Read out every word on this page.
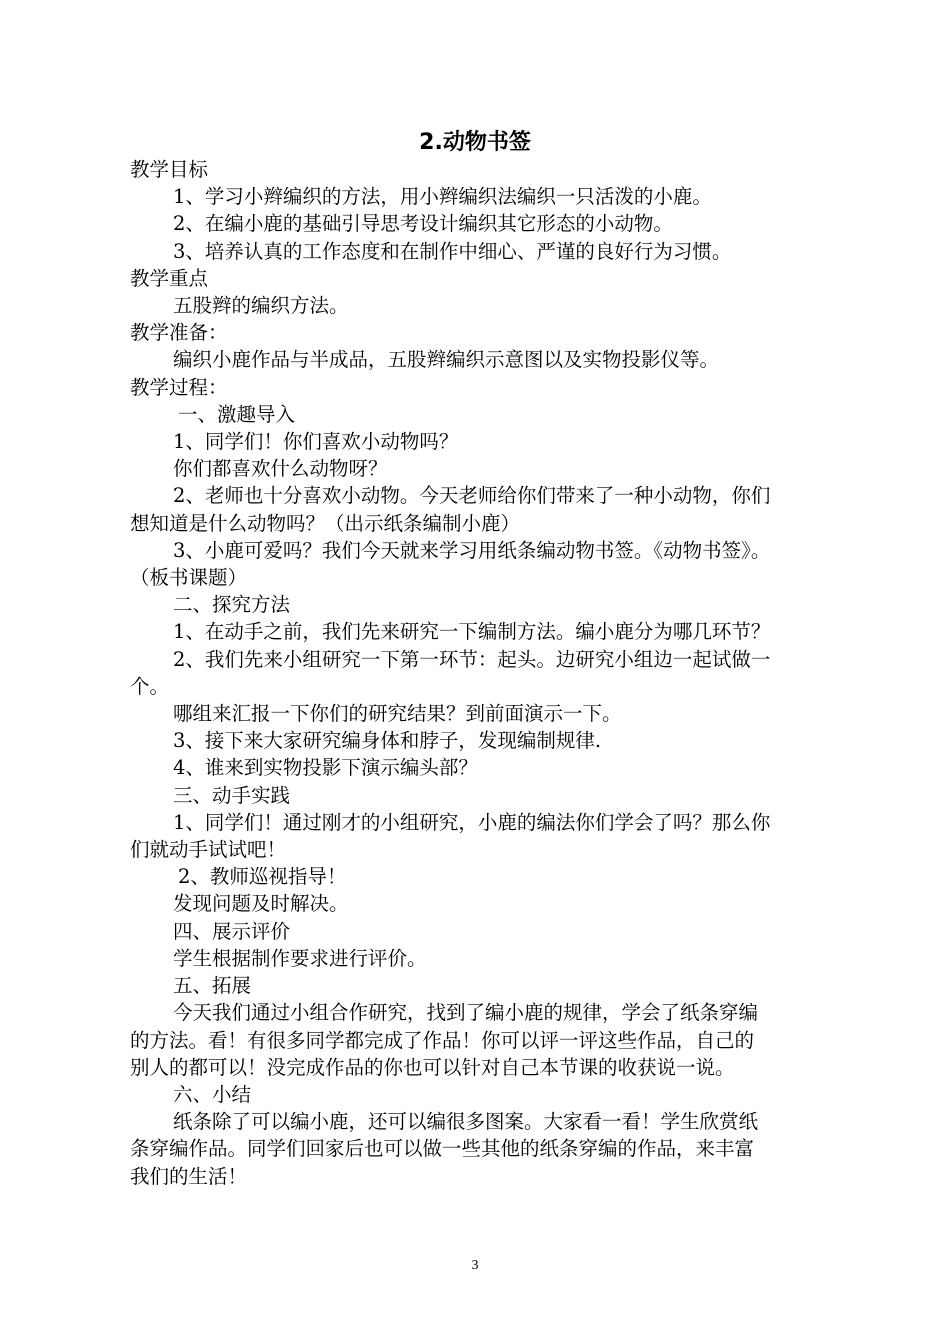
2.动物书签

教学目标

1、学习小辫编织的方法，用小辫编织法编织一只活泼的小鹿。

2、在编小鹿的基础引导思考设计编织其它形态的小动物。

3、培养认真的工作态度和在制作中细心、严谨的良好行为习惯。

教学重点

五股辫的编织方法。

教学准备：

编织小鹿作品与半成品，五股辫编织示意图以及实物投影仪等。

教学过程：

一、激趣导入

1、同学们！你们喜欢小动物吗？

你们都喜欢什么动物呀？

2、老师也十分喜欢小动物。今天老师给你们带来了一种小动物，你们

想知道是什么动物吗？（出示纸条编制小鹿）

3、小鹿可爱吗？我们今天就来学习用纸条编动物书签。《动物书签》。

（板书课题）

二、探究方法

1、在动手之前，我们先来研究一下编制方法。编小鹿分为哪几环节？

2、我们先来小组研究一下第一环节：起头。边研究小组边一起试做一

个。

哪组来汇报一下你们的研究结果？到前面演示一下。

3、接下来大家研究编身体和脖子，发现编制规律.

4、谁来到实物投影下演示编头部？

三、动手实践

1、同学们！通过刚才的小组研究，小鹿的编法你们学会了吗？那么你

们就动手试试吧！

2、教师巡视指导！

发现问题及时解决。

四、展示评价

学生根据制作要求进行评价。

五、拓展

今天我们通过小组合作研究，找到了编小鹿的规律，学会了纸条穿编

的方法。看！有很多同学都完成了作品！你可以评一评这些作品，自己的

别人的都可以！没完成作品的你也可以针对自己本节课的收获说一说。

六、小结

纸条除了可以编小鹿，还可以编很多图案。大家看一看！学生欣赏纸

条穿编作品。同学们回家后也可以做一些其他的纸条穿编的作品，来丰富

我们的生活！

3
